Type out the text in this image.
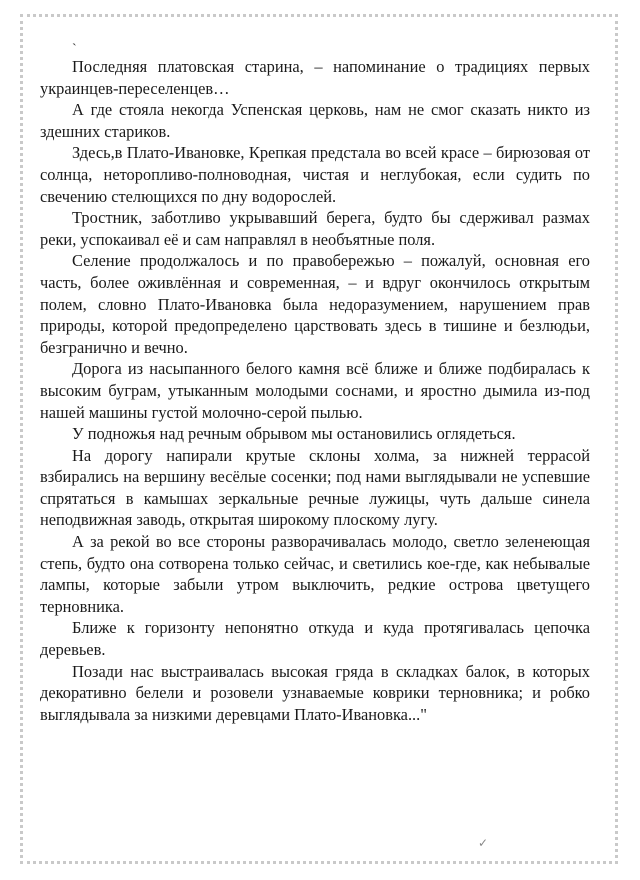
`

Последняя платовская старина, – напоминание о традициях первых украинцев-переселенцев…

А где стояла некогда Успенская церковь, нам не смог сказать никто из здешних стариков.

Здесь,в Плато-Ивановке, Крепкая предстала во всей красе – бирюзовая от солнца, неторопливо-полноводная, чистая и неглубокая, если судить по свечению стелющихся по дну водорослей.

Тростник, заботливо укрывавший берега, будто бы сдерживал размах реки, успокаивал её и сам направлял в необъятные поля.

Селение продолжалось и по правобережью – пожалуй, основная его часть, более оживлённая и современная, – и вдруг окончилось открытым полем, словно Плато-Ивановка была недоразумением, нарушением прав природы, которой предопределено царствовать здесь в тишине и безлюдьи, безгранично и вечно.

Дорога из насыпанного белого камня всё ближе и ближе подбиралась к высоким буграм, утыканным молодыми соснами, и яростно дымила из-под нашей машины густой молочно-серой пылью.

У подножья над речным обрывом мы остановились оглядеться.

На дорогу напирали крутые склоны холма, за нижней террасой взбирались на вершину весёлые сосенки; под нами выглядывали не успевшие спрятаться в камышах зеркальные речные лужицы, чуть дальше синела неподвижная заводь, открытая широкому плоскому лугу.

А за рекой во все стороны разворачивалась молодо, светло зеленеющая степь, будто она сотворена только сейчас, и светились кое-где, как небывалые лампы, которые забыли утром выключить, редкие острова цветущего терновника.

Ближе к горизонту непонятно откуда и куда протягивалась цепочка деревьев.

Позади нас выстраивалась высокая гряда в складках балок, в которых декоративно белели и розовели узнаваемые коврики терновника; и робко выглядывала за низкими деревцами Плато-Ивановка..."

✓
